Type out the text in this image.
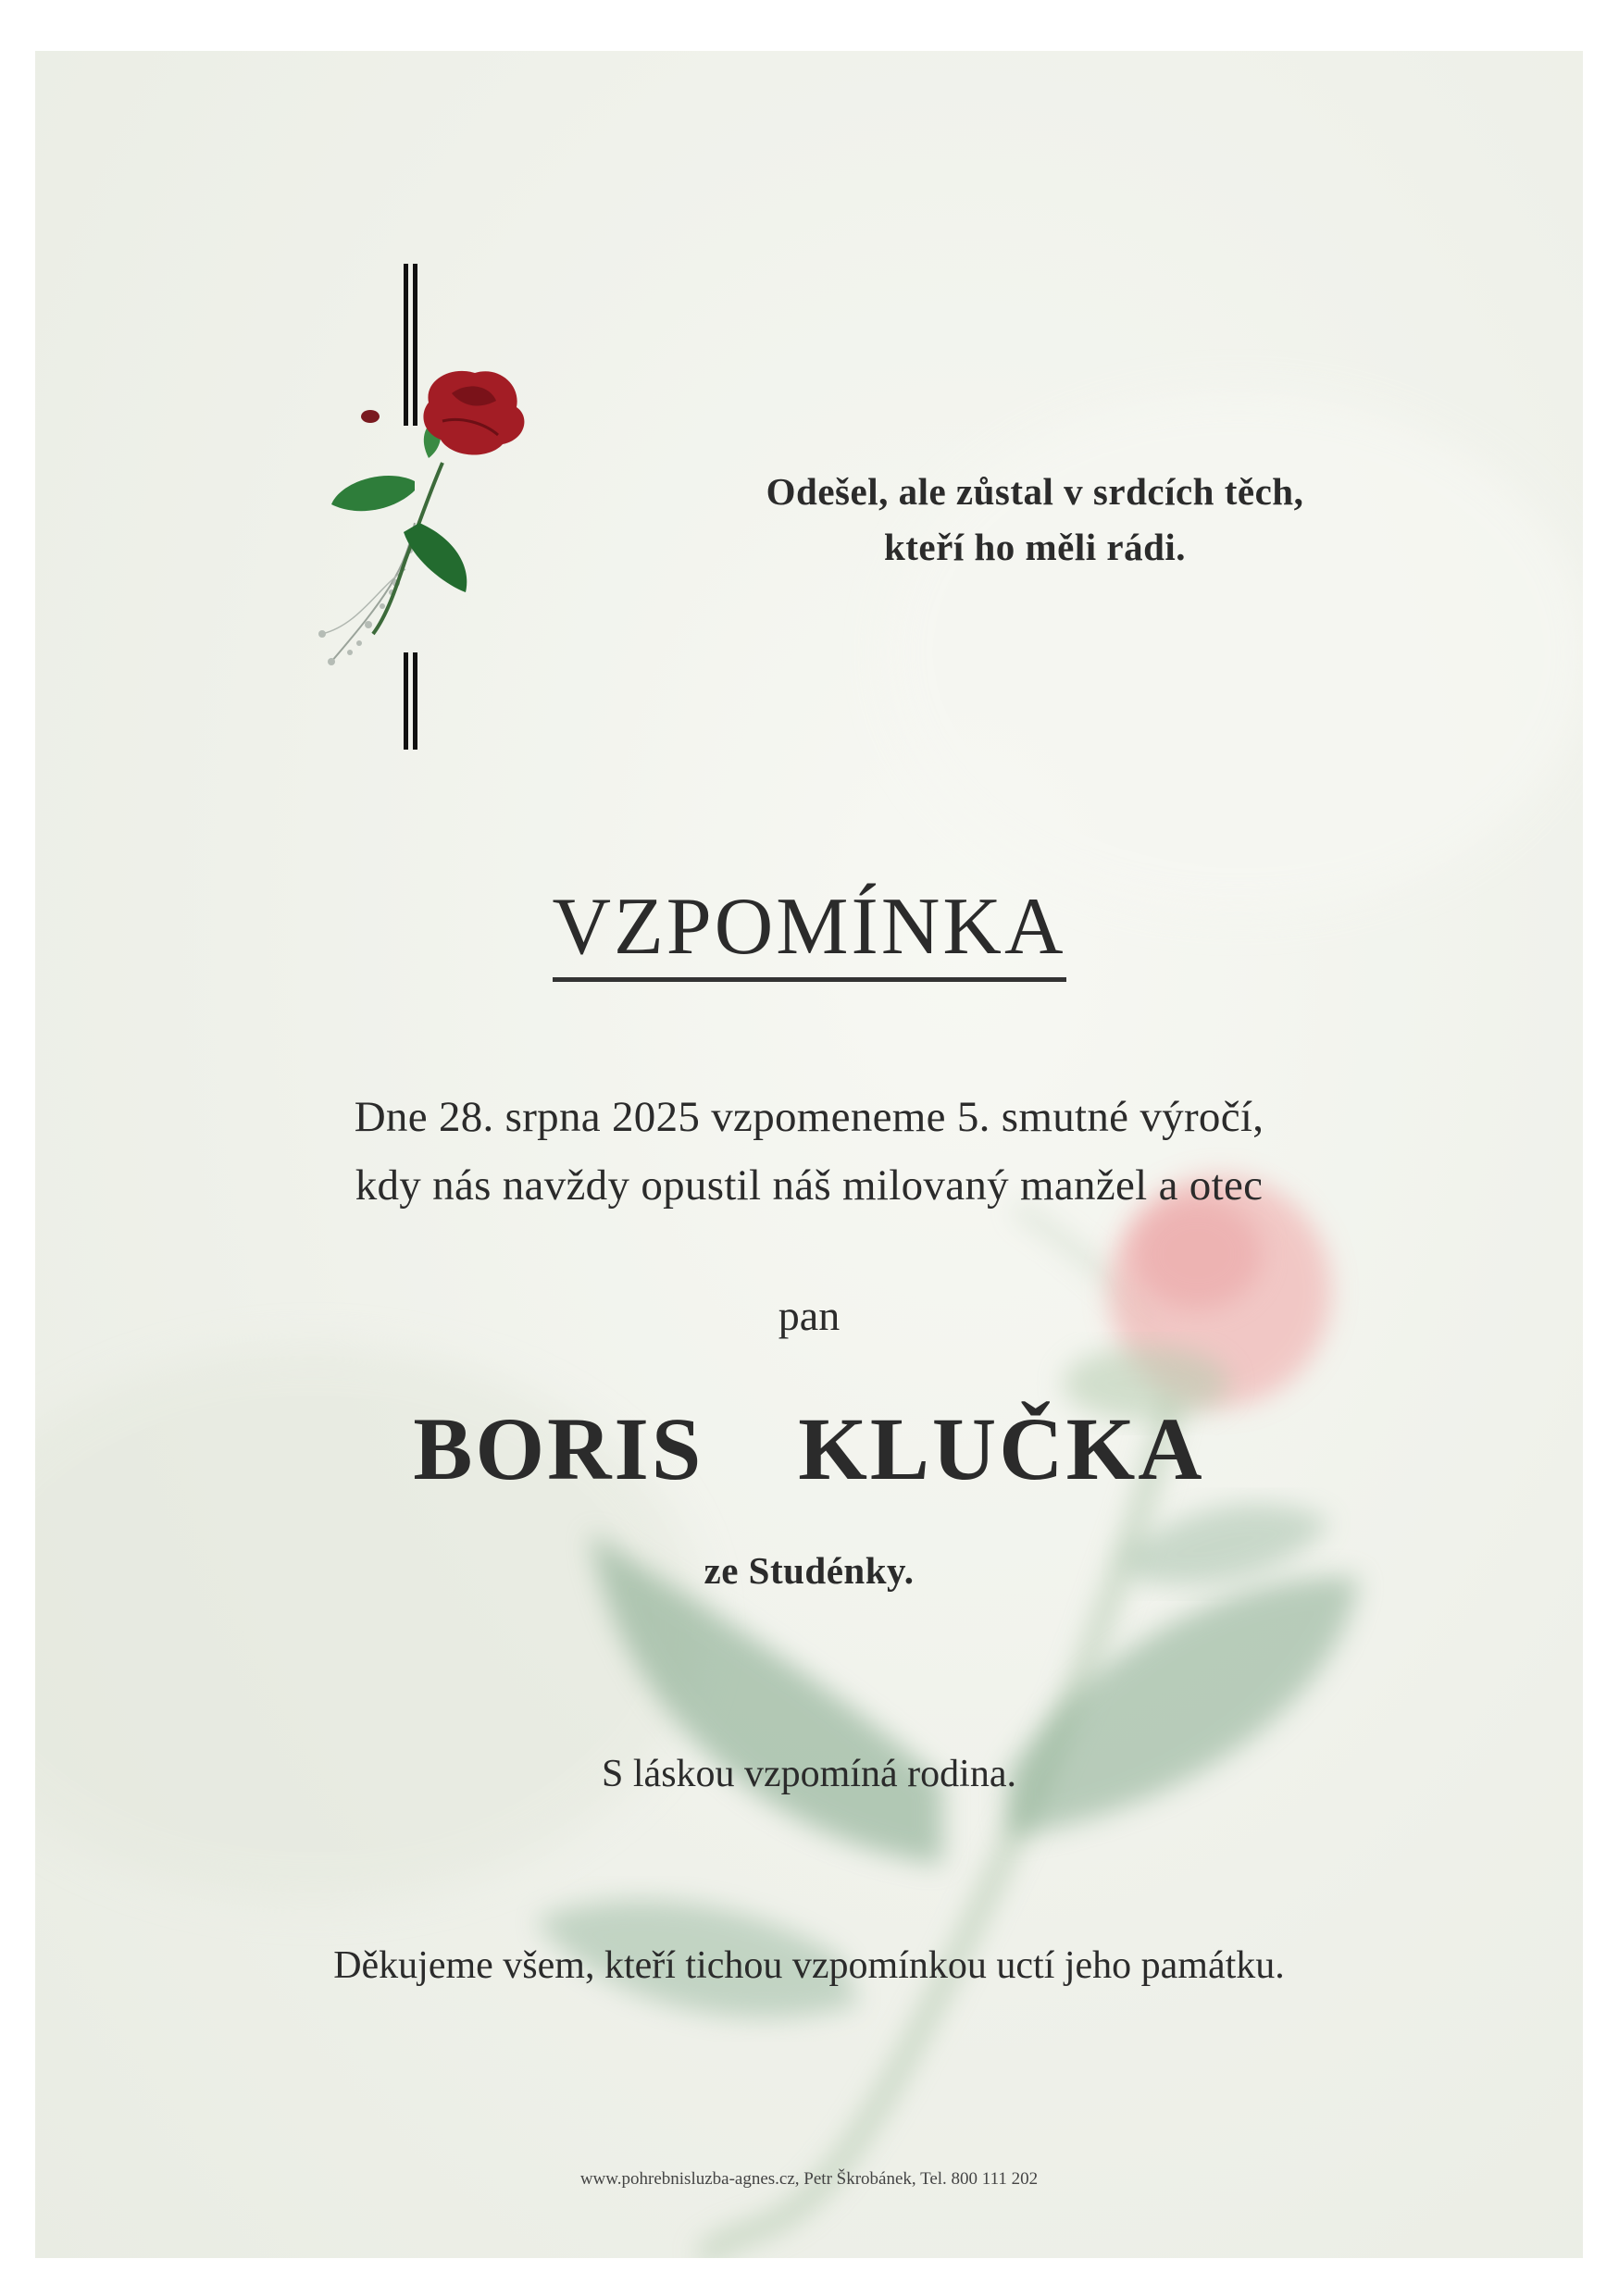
Odešel, ale zůstal v srdcích těch,
kteří ho měli rádi.
VZPOMÍNKA
Dne 28. srpna 2025 vzpomeneme 5. smutné výročí,
kdy nás navždy opustil náš milovaný manžel a otec
pan
BORIS  KLUČKA
ze Studénky.
S láskou vzpomíná rodina.
Děkujeme všem, kteří tichou vzpomínkou uctí jeho památku.
www.pohrebnisluzba-agnes.cz, Petr Škrobánek, Tel. 800 111 202
